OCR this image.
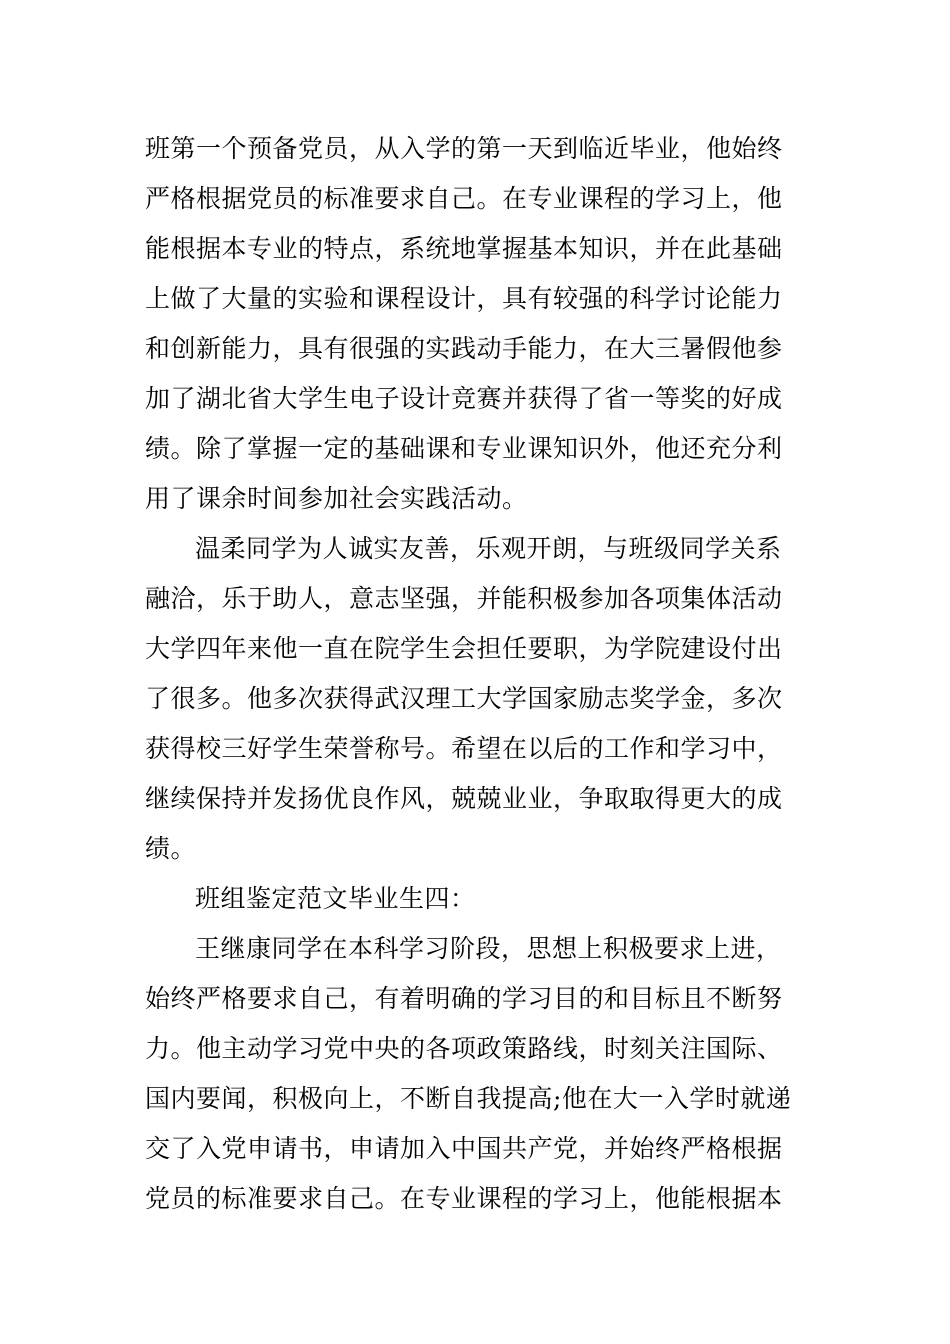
班第一个预备党员，从入学的第一天到临近毕业，他始终
严格根据党员的标准要求自己。在专业课程的学习上，他
能根据本专业的特点，系统地掌握基本知识，并在此基础
上做了大量的实验和课程设计，具有较强的科学讨论能力
和创新能力，具有很强的实践动手能力，在大三暑假他参
加了湖北省大学生电子设计竞赛并获得了省一等奖的好成
绩。除了掌握一定的基础课和专业课知识外，他还充分利
用了课余时间参加社会实践活动。
温柔同学为人诚实友善，乐观开朗，与班级同学关系
融洽，乐于助人，意志坚强，并能积极参加各项集体活动
大学四年来他一直在院学生会担任要职，为学院建设付出
了很多。他多次获得武汉理工大学国家励志奖学金，多次
获得校三好学生荣誉称号。希望在以后的工作和学习中，
继续保持并发扬优良作风，兢兢业业，争取取得更大的成
绩。
班组鉴定范文毕业生四：
王继康同学在本科学习阶段，思想上积极要求上进，
始终严格要求自己，有着明确的学习目的和目标且不断努
力。他主动学习党中央的各项政策路线，时刻关注国际、
国内要闻，积极向上，不断自我提高;他在大一入学时就递
交了入党申请书，申请加入中国共产党，并始终严格根据
党员的标准要求自己。在专业课程的学习上，他能根据本
